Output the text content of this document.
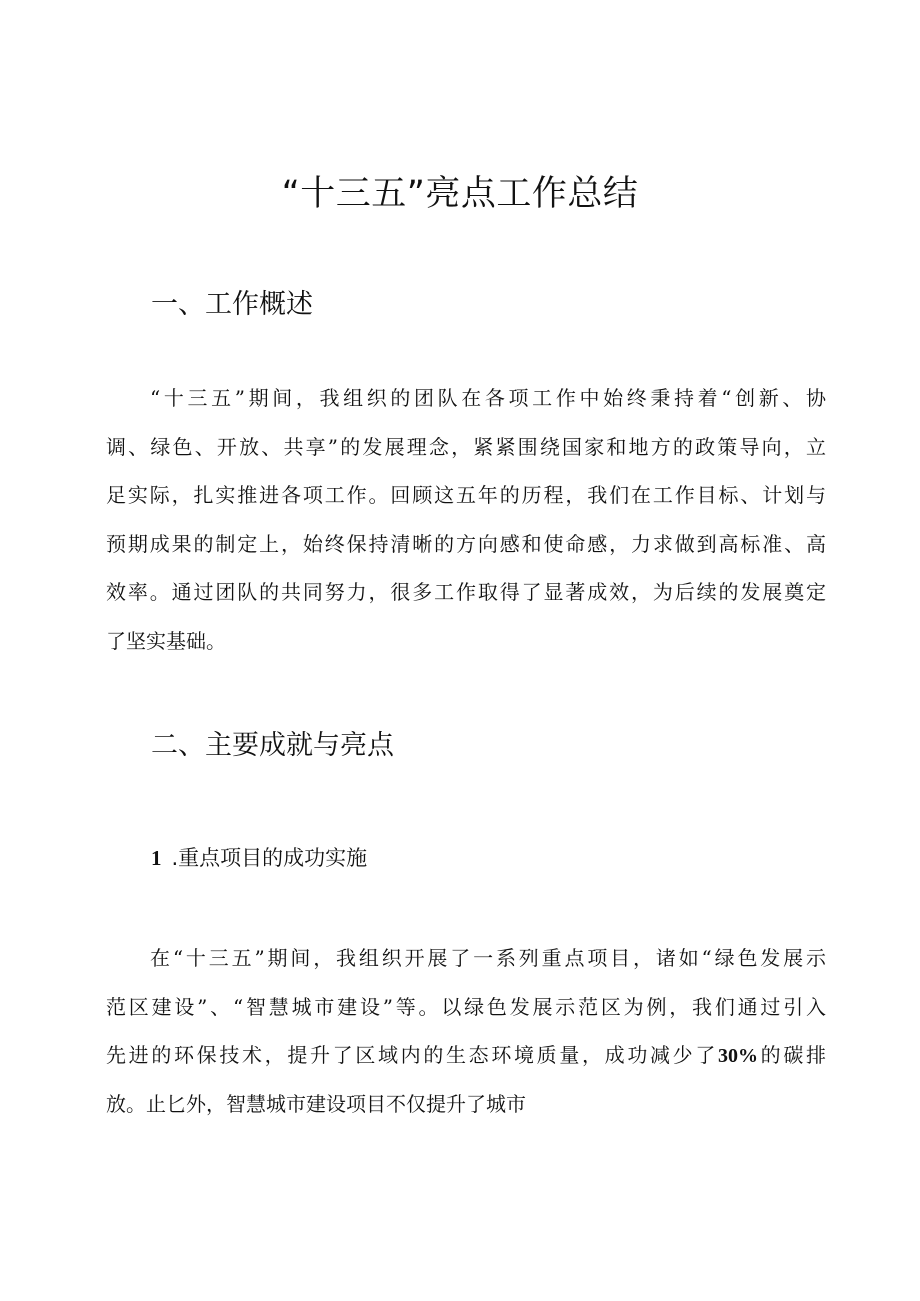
“十三五”亮点工作总结
一、工作概述
“十三五”期间，我组织的团队在各项工作中始终秉持着“创新、协
调、绿色、开放、共享”的发展理念，紧紧围绕国家和地方的政策导向，立
足实际，扎实推进各项工作。回顾这五年的历程，我们在工作目标、计划与
预期成果的制定上，始终保持清晰的方向感和使命感，力求做到高标准、高
效率。通过团队的共同努力，很多工作取得了显著成效，为后续的发展奠定
了坚实基础。
二、主要成就与亮点
1 .重点项目的成功实施
在“十三五”期间，我组织开展了一系列重点项目，诸如“绿色发展示
范区建设”、“智慧城市建设”等。以绿色发展示范区为例，我们通过引入
先进的环保技术，提升了区域内的生态环境质量，成功减少了30%的碳排
放。止匕外，智慧城市建设项目不仅提升了城市
